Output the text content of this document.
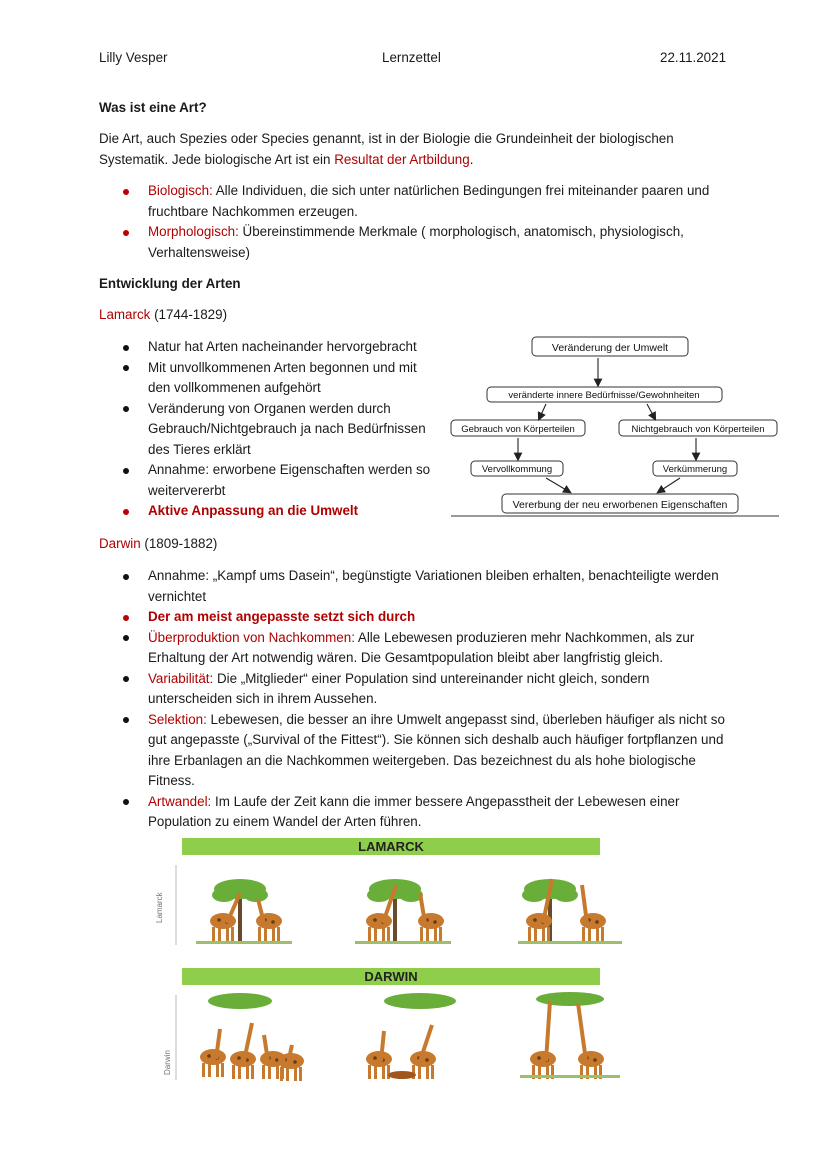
Lilly Vesper	Lernzettel	22.11.2021
Was ist eine Art?
Die Art, auch Spezies oder Species genannt, ist in der Biologie die Grundeinheit der biologischen Systematik. Jede biologische Art ist ein Resultat der Artbildung.
Biologisch: Alle Individuen, die sich unter natürlichen Bedingungen frei miteinander paaren und fruchtbare Nachkommen erzeugen.
Morphologisch: Übereinstimmende Merkmale ( morphologisch, anatomisch, physiologisch, Verhaltensweise)
Entwicklung der Arten
Lamarck (1744-1829)
Natur hat Arten nacheinander hervorgebracht
Mit unvollkommenen Arten begonnen und mit den vollkommenen aufgehört
Veränderung von Organen werden durch Gebrauch/Nichtgebrauch ja nach Bedürfnissen des Tieres erklärt
Annahme: erworbene Eigenschaften werden so weitervererbt
Aktive Anpassung an die Umwelt
Veränderung der Umwelt
veränderte innere Bedürfnisse/Gewohnheiten
Gebrauch von Körperteilen	Nichtgebrauch von Körperteilen
Vervollkommung	Verkümmerung
Vererbung der neu erworbenen Eigenschaften
Darwin (1809-1882)
Annahme: „Kampf ums Dasein“, begünstigte Variationen bleiben erhalten, benachteiligte werden vernichtet
Der am meist angepasste setzt sich durch
Überproduktion von Nachkommen: Alle Lebewesen produzieren mehr Nachkommen, als zur Erhaltung der Art notwendig wären. Die Gesamtpopulation bleibt aber langfristig gleich.
Variabilität: Die „Mitglieder“ einer Population sind untereinander nicht gleich, sondern unterscheiden sich in ihrem Aussehen.
Selektion: Lebewesen, die besser an ihre Umwelt angepasst sind, überleben häufiger als nicht so gut angepasste („Survival of the Fittest“). Sie können sich deshalb auch häufiger fortpflanzen und ihre Erbanlagen an die Nachkommen weitergeben. Das bezeichnest du als hohe biologische Fitness.
Artwandel: Im Laufe der Zeit kann die immer bessere Angepasstheit der Lebewesen einer Population zu einem Wandel der Arten führen.
LAMARCK
Lamarck
DARWIN
Darwin
